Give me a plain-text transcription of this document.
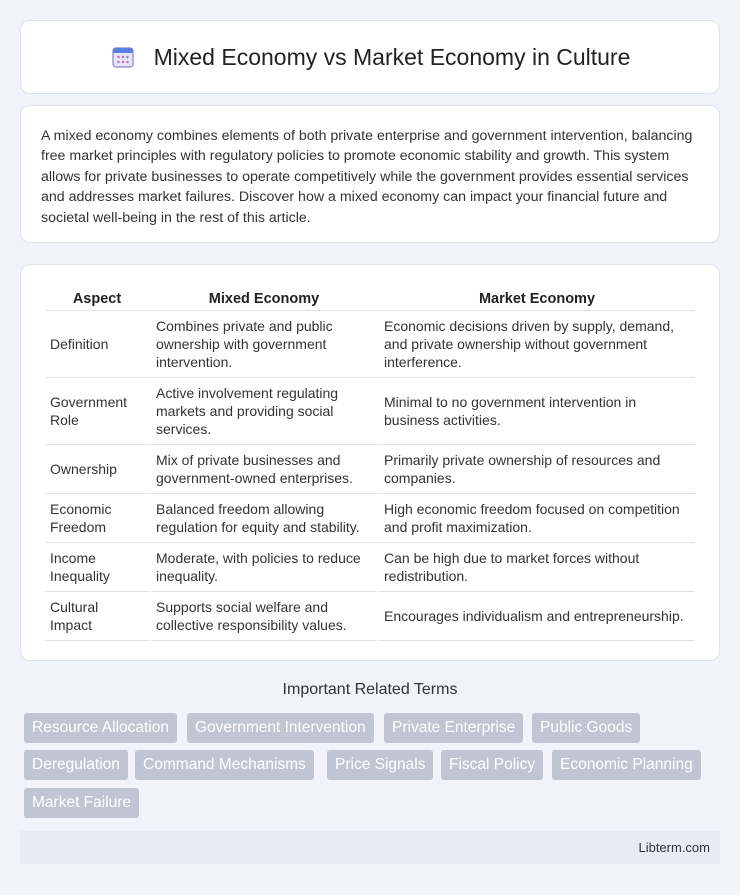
Mixed Economy vs Market Economy in Culture

A mixed economy combines elements of both private enterprise and government intervention, balancing free market principles with regulatory policies to promote economic stability and growth. This system allows for private businesses to operate competitively while the government provides essential services and addresses market failures. Discover how a mixed economy can impact your financial future and societal well-being in the rest of this article.

Aspect	Mixed Economy	Market Economy
Definition	Combines private and public ownership with government intervention.	Economic decisions driven by supply, demand, and private ownership without government interference.
Government Role	Active involvement regulating markets and providing social services.	Minimal to no government intervention in business activities.
Ownership	Mix of private businesses and government-owned enterprises.	Primarily private ownership of resources and companies.
Economic Freedom	Balanced freedom allowing regulation for equity and stability.	High economic freedom focused on competition and profit maximization.
Income Inequality	Moderate, with policies to reduce inequality.	Can be high due to market forces without redistribution.
Cultural Impact	Supports social welfare and collective responsibility values.	Encourages individualism and entrepreneurship.
Important Related Terms
Resource Allocation	Government Intervention	Private Enterprise	Public Goods
Deregulation	Command Mechanisms	Price Signals	Fiscal Policy	Economic Planning
Market Failure
Libterm.com
